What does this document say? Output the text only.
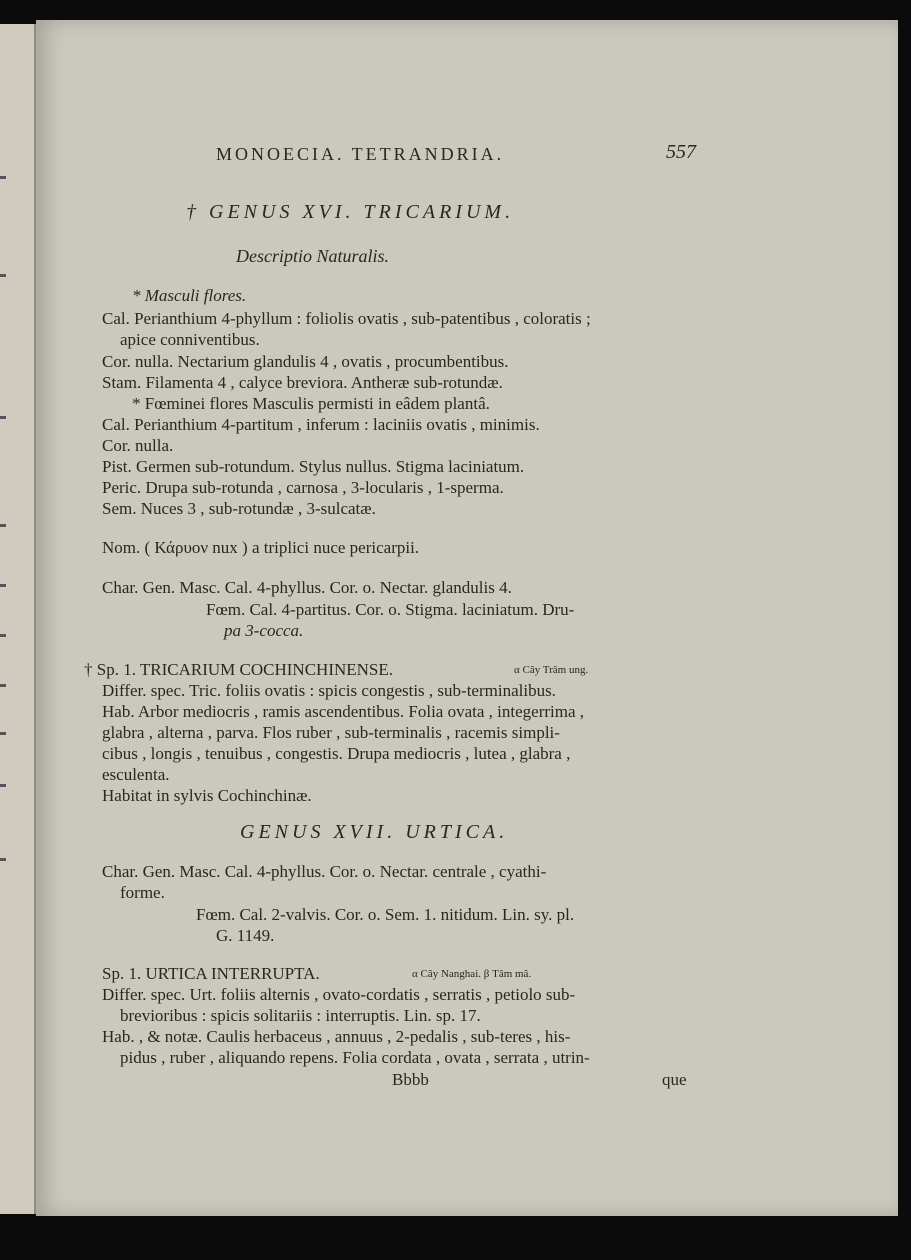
MONOECIA. TETRANDRIA.	557
† GENUS XVI. TRICARIUM.
Descriptio Naturalis.
* Masculi flores.
Cal. Perianthium 4-phyllum : foliolis ovatis , sub-patentibus , coloratis ;
apice conniventibus.
Cor. nulla. Nectarium glandulis 4 , ovatis , procumbentibus.
Stam. Filamenta 4 , calyce breviora. Antheræ sub-rotundæ.
* Fœminei flores Masculis permisti in eâdem plantâ.
Cal. Perianthium 4-partitum , inferum : laciniis ovatis , minimis.
Cor. nulla.
Pist. Germen sub-rotundum. Stylus nullus. Stigma laciniatum.
Peric. Drupa sub-rotunda , carnosa , 3-locularis , 1-sperma.
Sem. Nuces 3 , sub-rotundæ , 3-sulcatæ.
Nom. ( Κάρυον nux ) a triplici nuce pericarpii.
Char. Gen. Masc. Cal. 4-phyllus. Cor. o. Nectar. glandulis 4.
Fœm. Cal. 4-partitus. Cor. o. Stigma. laciniatum. Dru-
pa 3-cocca.
† Sp. 1. TRICARIUM COCHINCHINENSE.	α Cây Trâm ung.
Differ. spec. Tric. foliis ovatis : spicis congestis , sub-terminalibus.
Hab. Arbor mediocris , ramis ascendentibus. Folia ovata , integerrima ,
glabra , alterna , parva. Flos ruber , sub-terminalis , racemis simpli-
cibus , longis , tenuibus , congestis. Drupa mediocris , lutea , glabra ,
esculenta.
Habitat in sylvis Cochinchinæ.
GENUS XVII. URTICA.
Char. Gen. Masc. Cal. 4-phyllus. Cor. o. Nectar. centrale , cyathi-
forme.
Fœm. Cal. 2-valvis. Cor. o. Sem. 1. nitidum. Lin. sy. pl.
G. 1149.
Sp. 1. URTICA INTERRUPTA.	α Cây Nanghai. β Tâm mâ.
Differ. spec. Urt. foliis alternis , ovato-cordatis , serratis , petiolo sub-
brevioribus : spicis solitariis : interruptis. Lin. sp. 17.
Hab. , & notæ. Caulis herbaceus , annuus , 2-pedalis , sub-teres , his-
pidus , ruber , aliquando repens. Folia cordata , ovata , serrata , utrin-
Bbbb	que
